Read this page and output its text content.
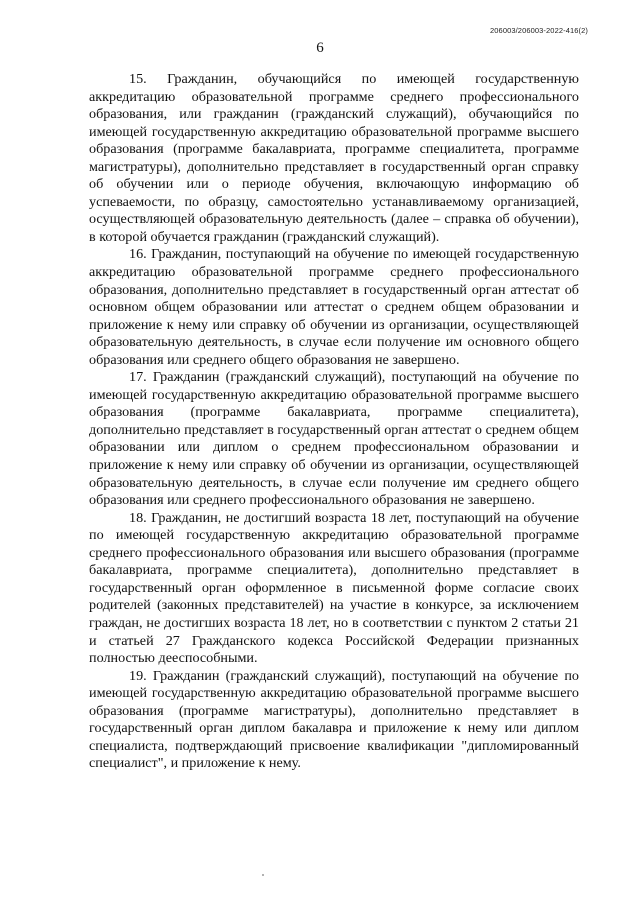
206003/206003-2022-416(2)
6

15. Гражданин, обучающийся по имеющей государственную аккредитацию образовательной программе среднего профессионального образования, или гражданин (гражданский служащий), обучающийся по имеющей государственную аккредитацию образовательной программе высшего образования (программе бакалавриата, программе специалитета, программе магистратуры), дополнительно представляет в государственный орган справку об обучении или о периоде обучения, включающую информацию об успеваемости, по образцу, самостоятельно устанавливаемому организацией, осуществляющей образовательную деятельность (далее – справка об обучении), в которой обучается гражданин (гражданский служащий).

16. Гражданин, поступающий на обучение по имеющей государственную аккредитацию образовательной программе среднего профессионального образования, дополнительно представляет в государственный орган аттестат об основном общем образовании или аттестат о среднем общем образовании и приложение к нему или справку об обучении из организации, осуществляющей образовательную деятельность, в случае если получение им основного общего образования или среднего общего образования не завершено.

17. Гражданин (гражданский служащий), поступающий на обучение по имеющей государственную аккредитацию образовательной программе высшего образования (программе бакалавриата, программе специалитета), дополнительно представляет в государственный орган аттестат о среднем общем образовании или диплом о среднем профессиональном образовании и приложение к нему или справку об обучении из организации, осуществляющей образовательную деятельность, в случае если получение им среднего общего образования или среднего профессионального образования не завершено.

18. Гражданин, не достигший возраста 18 лет, поступающий на обучение по имеющей государственную аккредитацию образовательной программе среднего профессионального образования или высшего образования (программе бакалавриата, программе специалитета), дополнительно представляет в государственный орган оформленное в письменной форме согласие своих родителей (законных представителей) на участие в конкурсе, за исключением граждан, не достигших возраста 18 лет, но в соответствии с пунктом 2 статьи 21 и статьей 27 Гражданского кодекса Российской Федерации признанных полностью дееспособными.

19. Гражданин (гражданский служащий), поступающий на обучение по имеющей государственную аккредитацию образовательной программе высшего образования (программе магистратуры), дополнительно представляет в государственный орган диплом бакалавра и приложение к нему или диплом специалиста, подтверждающий присвоение квалификации "дипломированный специалист", и приложение к нему.
